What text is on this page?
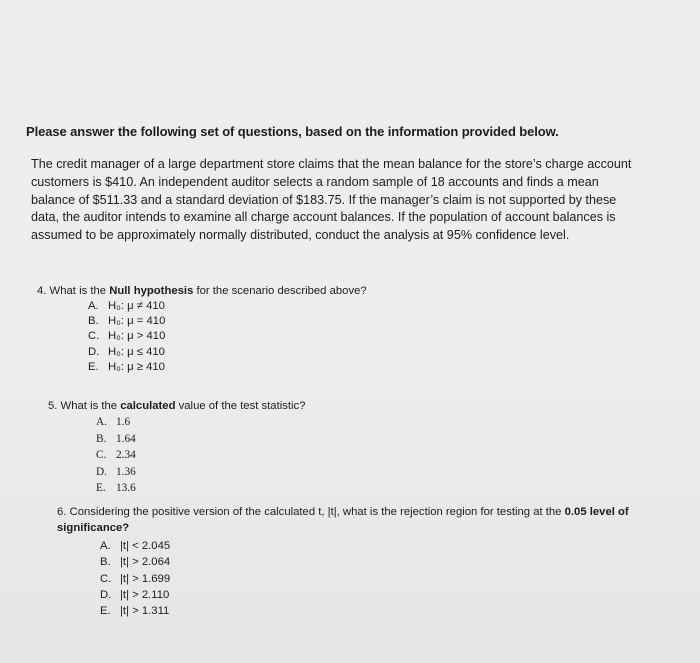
Please answer the following set of questions, based on the information provided below.
The credit manager of a large department store claims that the mean balance for the store’s charge account
customers is $410. An independent auditor selects a random sample of 18 accounts and finds a mean
balance of $511.33 and a standard deviation of $183.75. If the manager’s claim is not supported by these
data, the auditor intends to examine all charge account balances. If the population of account balances is
assumed to be approximately normally distributed, conduct the analysis at 95% confidence level.
4. What is the Null hypothesis for the scenario described above?
A. H₀: μ ≠ 410
B. H₀: μ = 410
C. H₀: μ > 410
D. H₀: μ ≤ 410
E. H₀: μ ≥ 410
5. What is the calculated value of the test statistic?
A. 1.6
B. 1.64
C. 2.34
D. 1.36
E. 13.6
6. Considering the positive version of the calculated t, |t|, what is the rejection region for testing at the 0.05 level of significance?
A. |t| < 2.045
B. |t| > 2.064
C. |t| > 1.699
D. |t| > 2.110
E. |t| > 1.311
